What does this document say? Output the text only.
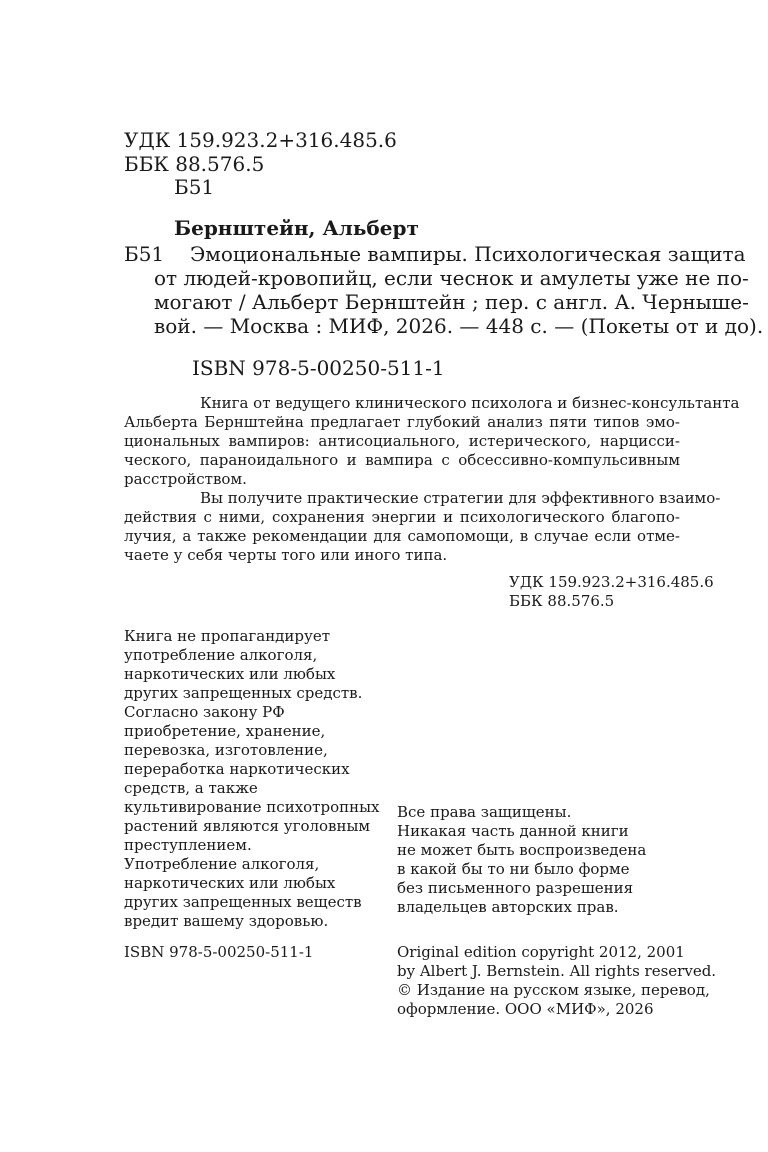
УДК 159.923.2+316.485.6
ББК 88.576.5
Б51
Бернштейн, Альберт
Б51	Эмоциональные вампиры. Психологическая защита
от людей-кровопийц, если чеснок и амулеты уже не по-
могают / Альберт Бернштейн ; пер. с англ. А. Черныше-
вой. — Москва : МИФ, 2026. — 448 с. — (Покеты от и до).
ISBN 978-5-00250-511-1
Книга от ведущего клинического психолога и бизнес-консультанта
Альберта Бернштейна предлагает глубокий анализ пяти типов эмо-
циональных вампиров: антисоциального, истерического, нарцисси-
ческого, параноидального и вампира с обсессивно-компульсивным
расстройством.
Вы получите практические стратегии для эффективного взаимо-
действия с ними, сохранения энергии и психологического благопо-
лучия, а также рекомендации для самопомощи, в случае если отме-
чаете у себя черты того или иного типа.
УДК 159.923.2+316.485.6
ББК 88.576.5
Книга не пропагандирует
употребление алкоголя,
наркотических или любых
других запрещенных средств.
Согласно закону РФ
приобретение, хранение,
перевозка, изготовление,
переработка наркотических
средств, а также
культивирование психотропных
растений являются уголовным
преступлением.
Употребление алкоголя,
наркотических или любых
других запрещенных веществ
вредит вашему здоровью.
Все права защищены.
Никакая часть данной книги
не может быть воспроизведена
в какой бы то ни было форме
без письменного разрешения
владельцев авторских прав.
ISBN 978-5-00250-511-1	Original edition copyright 2012, 2001
by Albert J. Bernstein. All rights reserved.
© Издание на русском языке, перевод,
оформление. ООО «МИФ», 2026
